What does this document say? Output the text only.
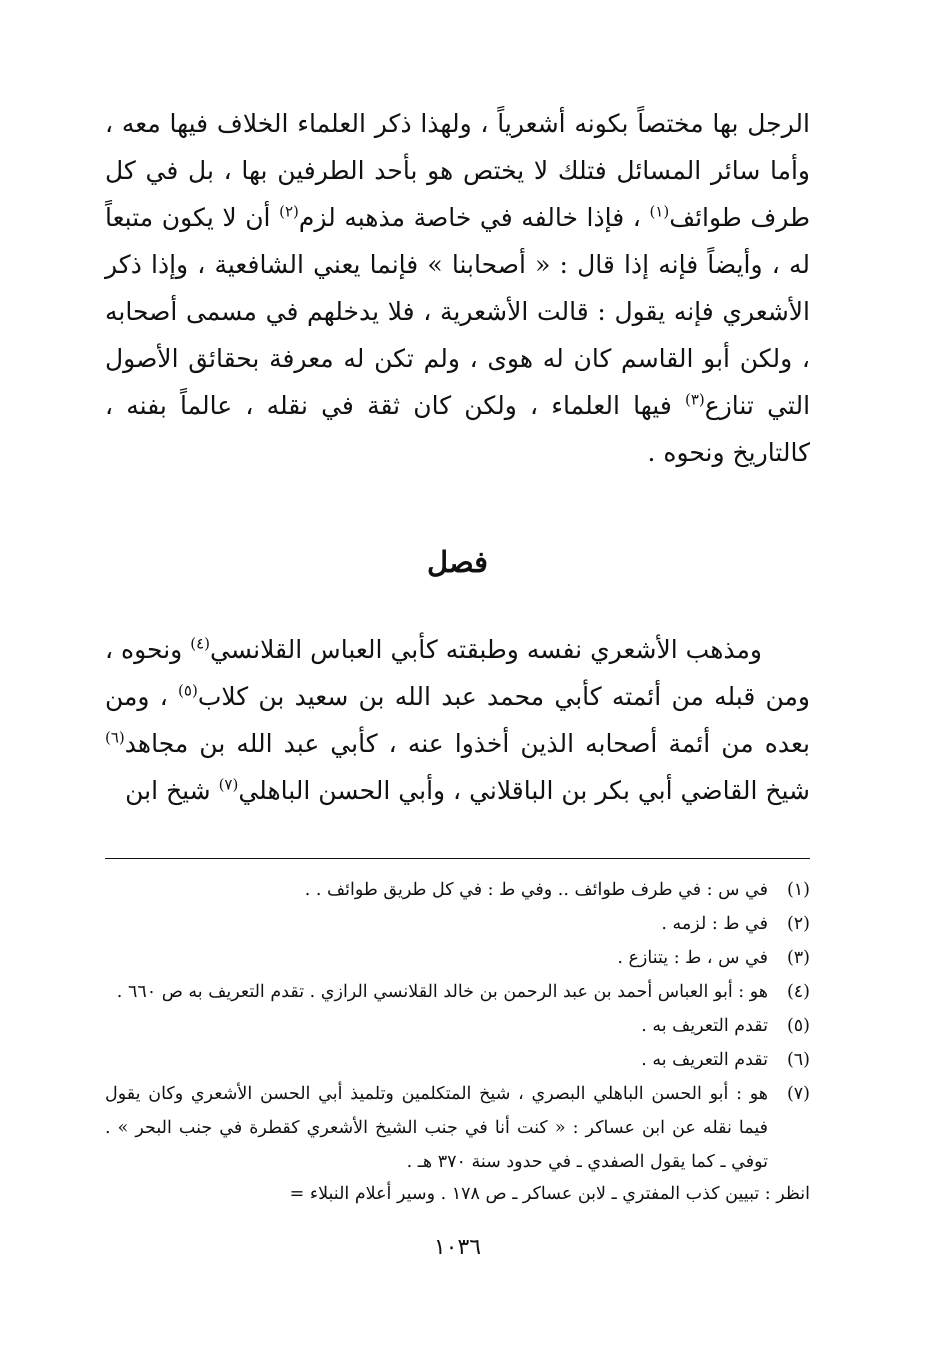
الرجل بها مختصاً بكونه أشعرياً ، ولهذا ذكر العلماء الخلاف فيها معه ، وأما سائر المسائل فتلك لا يختص هو بأحد الطرفين بها ، بل في كل طرف طوائف$^{(١)}$ ، فإذا خالفه في خاصة مذهبه لزم$^{(٢)}$ أن لا يكون متبعاً له ، وأيضاً فإنه إذا قال : « أصحابنا » فإنما يعني الشافعية ، وإذا ذكر الأشعري فإنه يقول : قالت الأشعرية ، فلا يدخلهم في مسمى أصحابه ، ولكن أبو القاسم كان له هوى ، ولم تكن له معرفة بحقائق الأصول التي تنازع$^{(٣)}$ فيها العلماء ، ولكن كان ثقة في نقله ، عالماً بفنه ، كالتاريخ ونحوه .

فصل

ومذهب الأشعري نفسه وطبقته كأبي العباس القلانسي$^{(٤)}$ ونحوه ، ومن قبله من أئمته كأبي محمد عبد الله بن سعيد بن كلاب$^{(٥)}$ ، ومن بعده من أئمة أصحابه الذين أخذوا عنه ، كأبي عبد الله بن مجاهد$^{(٦)}$ شيخ القاضي أبي بكر بن الباقلاني ، وأبي الحسن الباهلي$^{(٧)}$ شيخ ابن

(١)
في س : في طرف طوائف .. وفي ط : في كل طريق طوائف . .
(٢)
في ط : لزمه .
(٣)
في س ، ط : يتنازع .
(٤)
هو : أبو العباس أحمد بن عبد الرحمن بن خالد القلانسي الرازي . تقدم التعريف به ص ٦٦٠ .
(٥)
تقدم التعريف به .
(٦)
تقدم التعريف به .
(٧)
هو : أبو الحسن الباهلي البصري ، شيخ المتكلمين وتلميذ أبي الحسن الأشعري وكان يقول فيما نقله عن ابن عساكر : « كنت أنا في جنب الشيخ الأشعري كقطرة في جنب البحر » . توفي ـ كما يقول الصفدي ـ في حدود سنة ٣٧٠ هـ .
انظر : تبيين كذب المفتري ـ لابن عساكر ـ ص ١٧٨ . وسير أعلام النبلاء =
١٠٣٦
